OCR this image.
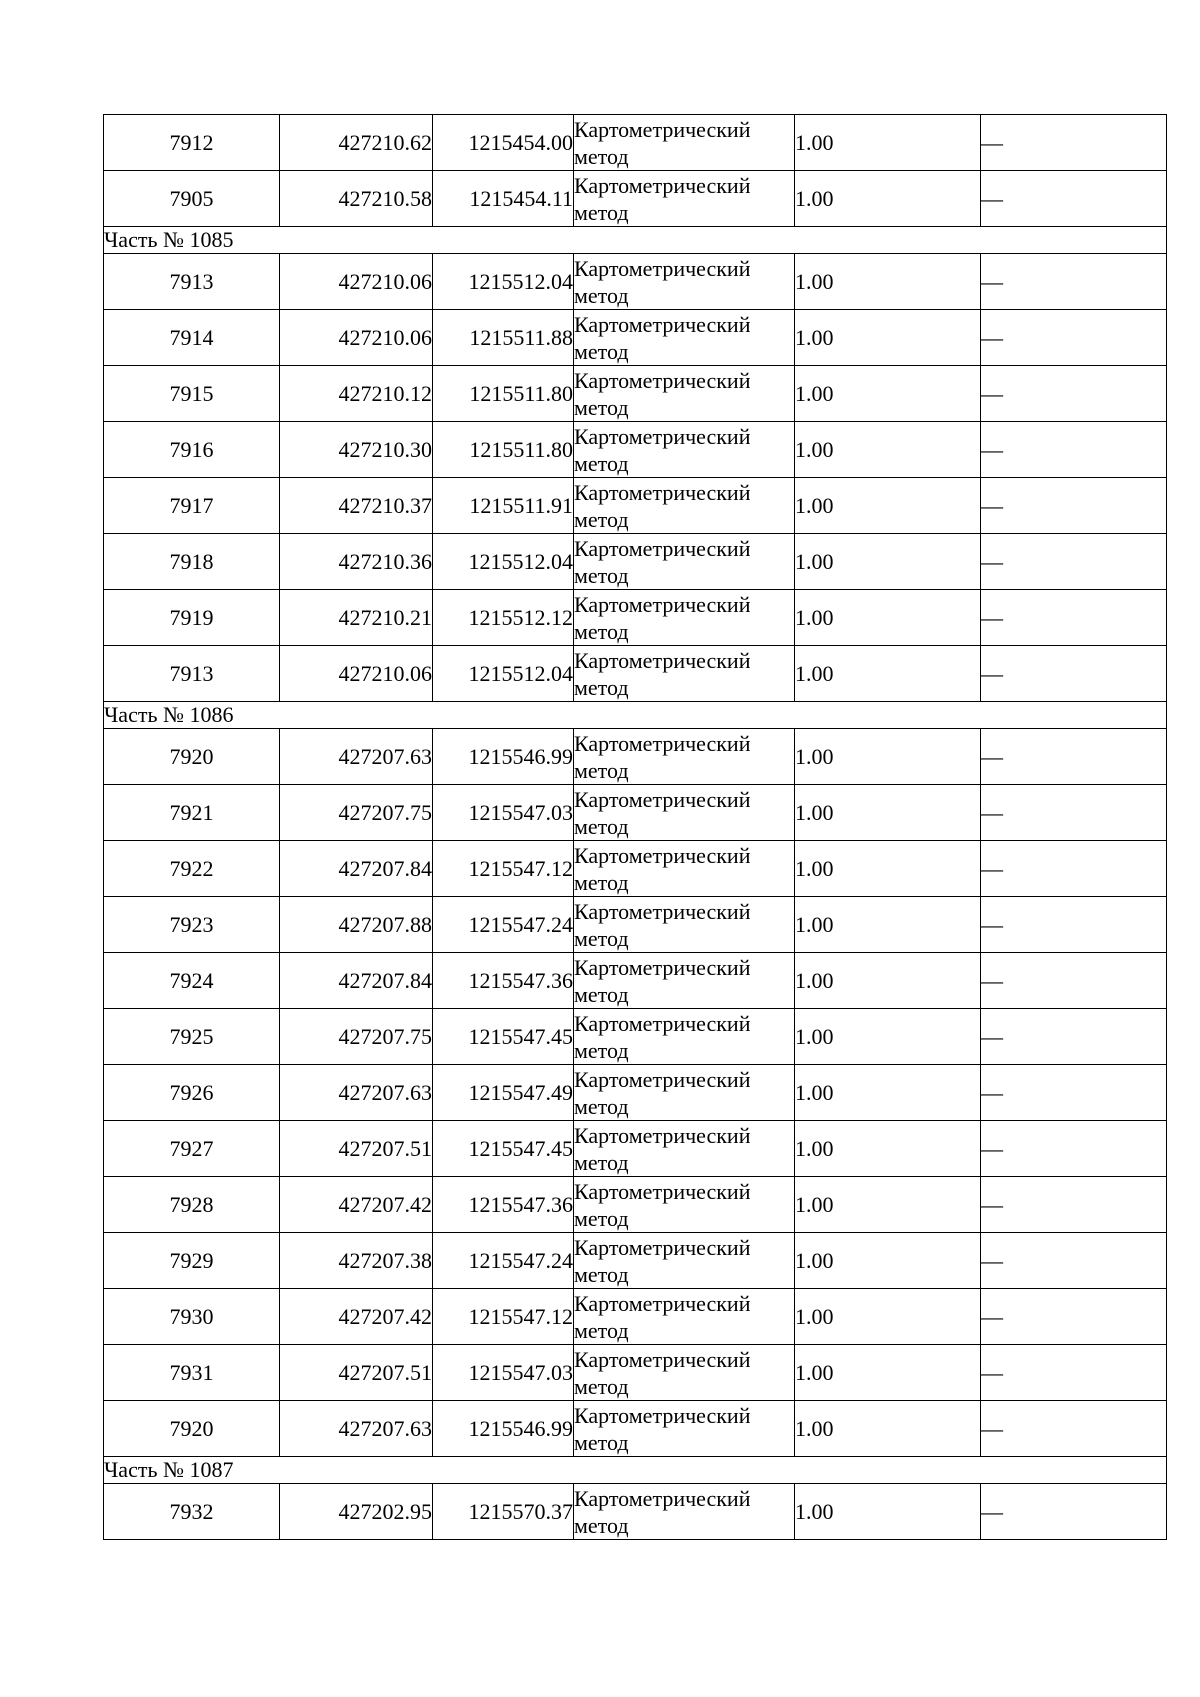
7912	427210.62	1215454.00	Картометрический
метод	1.00	—
7905	427210.58	1215454.11	Картометрический
метод	1.00	—
Часть № 1085					
7913	427210.06	1215512.04	Картометрический
метод	1.00	—
7914	427210.06	1215511.88	Картометрический
метод	1.00	—
7915	427210.12	1215511.80	Картометрический
метод	1.00	—
7916	427210.30	1215511.80	Картометрический
метод	1.00	—
7917	427210.37	1215511.91	Картометрический
метод	1.00	—
7918	427210.36	1215512.04	Картометрический
метод	1.00	—
7919	427210.21	1215512.12	Картометрический
метод	1.00	—
7913	427210.06	1215512.04	Картометрический
метод	1.00	—
Часть № 1086					
7920	427207.63	1215546.99	Картометрический
метод	1.00	—
7921	427207.75	1215547.03	Картометрический
метод	1.00	—
7922	427207.84	1215547.12	Картометрический
метод	1.00	—
7923	427207.88	1215547.24	Картометрический
метод	1.00	—
7924	427207.84	1215547.36	Картометрический
метод	1.00	—
7925	427207.75	1215547.45	Картометрический
метод	1.00	—
7926	427207.63	1215547.49	Картометрический
метод	1.00	—
7927	427207.51	1215547.45	Картометрический
метод	1.00	—
7928	427207.42	1215547.36	Картометрический
метод	1.00	—
7929	427207.38	1215547.24	Картометрический
метод	1.00	—
7930	427207.42	1215547.12	Картометрический
метод	1.00	—
7931	427207.51	1215547.03	Картометрический
метод	1.00	—
7920	427207.63	1215546.99	Картометрический
метод	1.00	—
Часть № 1087					
7932	427202.95	1215570.37	Картометрический
метод	1.00	—
